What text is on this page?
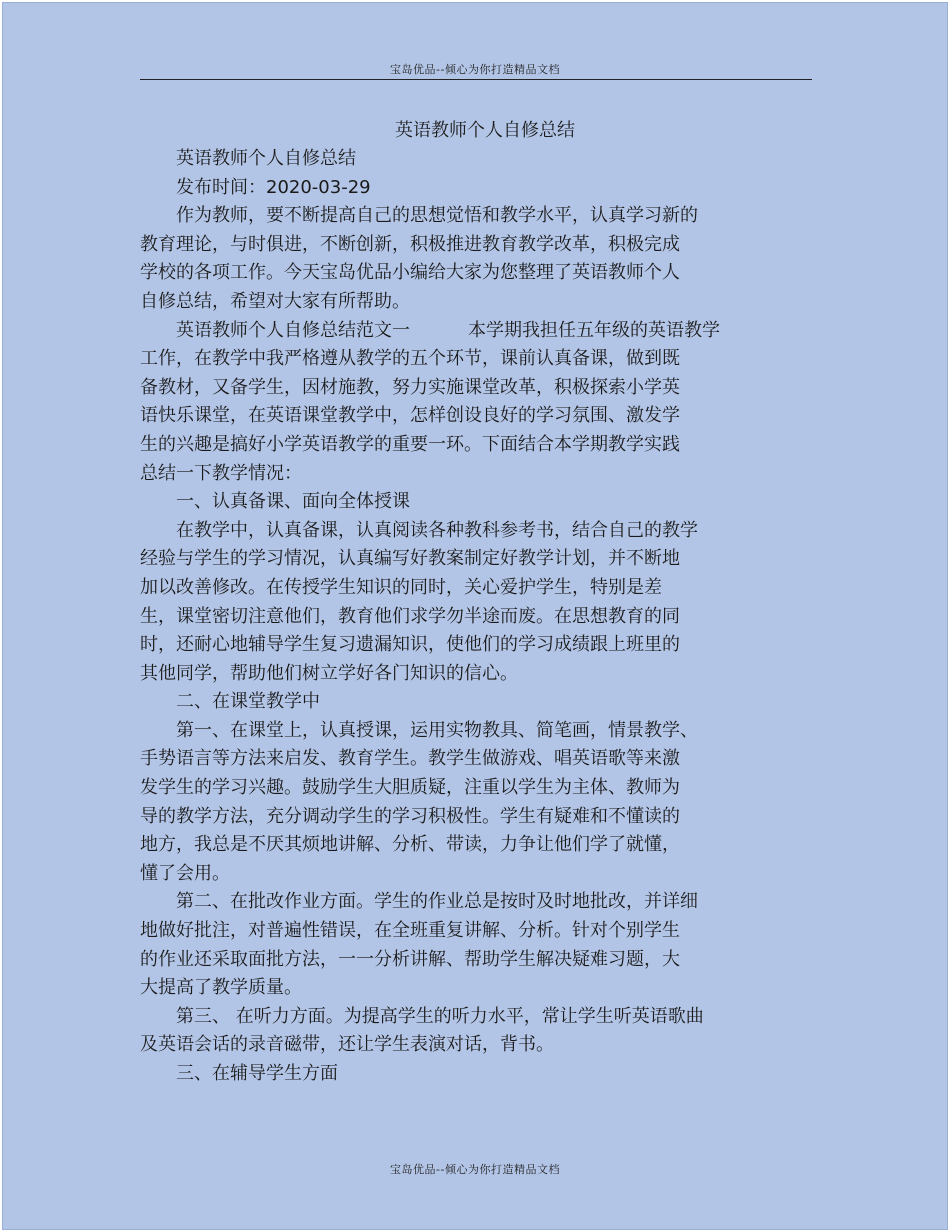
宝岛优品--倾心为你打造精品文档

英语教师个人自修总结

英语教师个人自修总结

发布时间：2020-03-29

作为教师，要不断提高自己的思想觉悟和教学水平，认真学习新的

教育理论，与时俱进，不断创新，积极推进教育教学改革，积极完成

学校的各项工作。今天宝岛优品小编给大家为您整理了英语教师个人

自修总结，希望对大家有所帮助。

英语教师个人自修总结范文一	本学期我担任五年级的英语教学

工作，在教学中我严格遵从教学的五个环节，课前认真备课，做到既

备教材，又备学生，因材施教，努力实施课堂改革，积极探索小学英

语快乐课堂，在英语课堂教学中，怎样创设良好的学习氛围、激发学

生的兴趣是搞好小学英语教学的重要一环。下面结合本学期教学实践

总结一下教学情况：

一、认真备课、面向全体授课

在教学中，认真备课，认真阅读各种教科参考书，结合自己的教学

经验与学生的学习情况，认真编写好教案制定好教学计划，并不断地

加以改善修改。在传授学生知识的同时，关心爱护学生，特别是差

生，课堂密切注意他们，教育他们求学勿半途而废。在思想教育的同

时，还耐心地辅导学生复习遗漏知识，使他们的学习成绩跟上班里的

其他同学，帮助他们树立学好各门知识的信心。

二、在课堂教学中

第一、在课堂上，认真授课，运用实物教具、简笔画，情景教学、

手势语言等方法来启发、教育学生。教学生做游戏、唱英语歌等来激

发学生的学习兴趣。鼓励学生大胆质疑，注重以学生为主体、教师为

导的教学方法，充分调动学生的学习积极性。学生有疑难和不懂读的

地方，我总是不厌其烦地讲解、分析、带读，力争让他们学了就懂，

懂了会用。

第二、在批改作业方面。学生的作业总是按时及时地批改，并详细

地做好批注，对普遍性错误，在全班重复讲解、分析。针对个别学生

的作业还采取面批方法，一一分析讲解、帮助学生解决疑难习题，大

大提高了教学质量。

第三、 在听力方面。为提高学生的听力水平，常让学生听英语歌曲

及英语会话的录音磁带，还让学生表演对话，背书。

三、在辅导学生方面

宝岛优品--倾心为你打造精品文档
